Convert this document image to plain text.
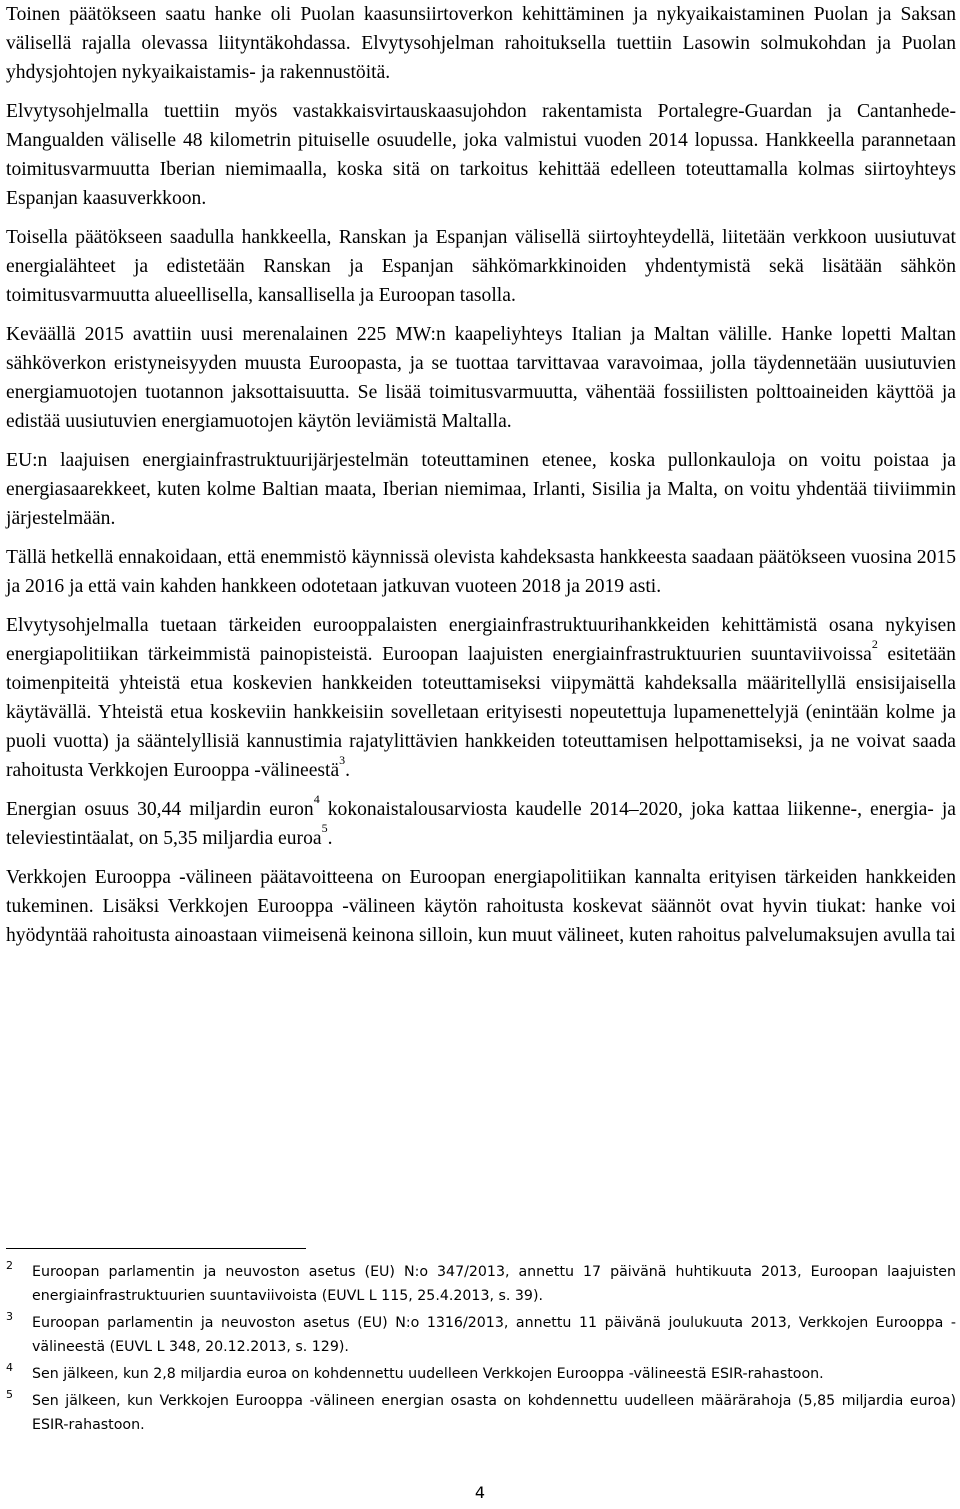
Toinen päätökseen saatu hanke oli Puolan kaasunsiirtoverkon kehittäminen ja nykyaikaistaminen Puolan ja Saksan välisellä rajalla olevassa liityntäkohdassa. Elvytysohjelman rahoituksella tuettiin Lasowin solmukohdan ja Puolan yhdysjohtojen nykyaikaistamis- ja rakennustöitä.

Elvytysohjelmalla tuettiin myös vastakkaisvirtauskaasujohdon rakentamista Portalegre-Guardan ja Cantanhede-Mangualden väliselle 48 kilometrin pituiselle osuudelle, joka valmistui vuoden 2014 lopussa. Hankkeella parannetaan toimitusvarmuutta Iberian niemimaalla, koska sitä on tarkoitus kehittää edelleen toteuttamalla kolmas siirtoyhteys Espanjan kaasuverkkoon.

Toisella päätökseen saadulla hankkeella, Ranskan ja Espanjan välisellä siirtoyhteydellä, liitetään verkkoon uusiutuvat energialähteet ja edistetään Ranskan ja Espanjan sähkömarkkinoiden yhdentymistä sekä lisätään sähkön toimitusvarmuutta alueellisella, kansallisella ja Euroopan tasolla.

Keväällä 2015 avattiin uusi merenalainen 225 MW:n kaapeliyhteys Italian ja Maltan välille. Hanke lopetti Maltan sähköverkon eristyneisyyden muusta Euroopasta, ja se tuottaa tarvittavaa varavoimaa, jolla täydennetään uusiutuvien energiamuotojen tuotannon jaksottaisuutta. Se lisää toimitusvarmuutta, vähentää fossiilisten polttoaineiden käyttöä ja edistää uusiutuvien energiamuotojen käytön leviämistä Maltalla.

EU:n laajuisen energiainfrastruktuurijärjestelmän toteuttaminen etenee, koska pullonkauloja on voitu poistaa ja energiasaarekkeet, kuten kolme Baltian maata, Iberian niemimaa, Irlanti, Sisilia ja Malta, on voitu yhdentää tiiviimmin järjestelmään.

Tällä hetkellä ennakoidaan, että enemmistö käynnissä olevista kahdeksasta hankkeesta saadaan päätökseen vuosina 2015 ja 2016 ja että vain kahden hankkeen odotetaan jatkuvan vuoteen 2018 ja 2019 asti.

Elvytysohjelmalla tuetaan tärkeiden eurooppalaisten energiainfrastruktuurihankkeiden kehittämistä osana nykyisen energiapolitiikan tärkeimmistä painopisteistä. Euroopan laajuisten energiainfrastruktuurien suuntaviivoissa$^2$ esitetään toimenpiteitä yhteistä etua koskevien hankkeiden toteuttamiseksi viipymättä kahdeksalla määritellyllä ensisijaisella käytävällä. Yhteistä etua koskeviin hankkeisiin sovelletaan erityisesti nopeutettuja lupamenettelyjä (enintään kolme ja puoli vuotta) ja sääntelyllisiä kannustimia rajatylittävien hankkeiden toteuttamisen helpottamiseksi, ja ne voivat saada rahoitusta Verkkojen Eurooppa -välineestä$^3$.

Energian osuus 30,44 miljardin euron$^4$ kokonaistalousarviosta kaudelle 2014–2020, joka kattaa liikenne-, energia- ja televiestintäalat, on 5,35 miljardia euroa$^5$.

Verkkojen Eurooppa -välineen päätavoitteena on Euroopan energiapolitiikan kannalta erityisen tärkeiden hankkeiden tukeminen. Lisäksi Verkkojen Eurooppa -välineen käytön rahoitusta koskevat säännöt ovat hyvin tiukat: hanke voi hyödyntää rahoitusta ainoastaan viimeisenä keinona silloin, kun muut välineet, kuten rahoitus palvelumaksujen avulla tai

2 Euroopan parlamentin ja neuvoston asetus (EU) N:o 347/2013, annettu 17 päivänä huhtikuuta 2013, Euroopan laajuisten energiainfrastruktuurien suuntaviivoista (EUVL L 115, 25.4.2013, s. 39).
3 Euroopan parlamentin ja neuvoston asetus (EU) N:o 1316/2013, annettu 11 päivänä joulukuuta 2013, Verkkojen Eurooppa -välineestä (EUVL L 348, 20.12.2013, s. 129).
4 Sen jälkeen, kun 2,8 miljardia euroa on kohdennettu uudelleen Verkkojen Eurooppa -välineestä ESIR-rahastoon.
5 Sen jälkeen, kun Verkkojen Eurooppa -välineen energian osasta on kohdennettu uudelleen määrärahoja (5,85 miljardia euroa) ESIR-rahastoon.
4
